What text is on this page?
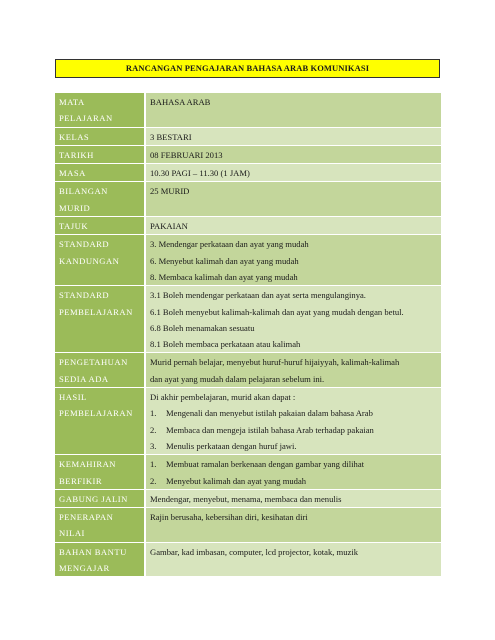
RANCANGAN PENGAJARAN BAHASA ARAB KOMUNIKASI
MATA
PELAJARAN	BAHASA ARAB

KELAS	3 BESTARI

TARIKH	08 FEBRUARI 2013

MASA	10.30 PAGI – 11.30 (1 JAM)

BILANGAN
MURID	25 MURID

TAJUK	PAKAIAN

STANDARD
KANDUNGAN	3. Mendengar perkataan dan ayat yang mudah
6. Menyebut kalimah dan ayat yang mudah
8. Membaca kalimah dan ayat yang mudah

STANDARD
PEMBELAJARAN	3.1 Boleh mendengar perkataan dan ayat serta mengulanginya.
6.1 Boleh menyebut kalimah-kalimah dan ayat yang mudah dengan betul.
6.8 Boleh menamakan sesuatu
8.1 Boleh membaca perkataan atau kalimah

PENGETAHUAN
SEDIA ADA	Murid pernah belajar, menyebut huruf-huruf hijaiyyah, kalimah-kalimah
dan ayat yang mudah dalam pelajaran sebelum ini.

HASIL
PEMBELAJARAN	Di akhir pembelajaran, murid akan dapat :
1. Mengenali dan menyebut istilah pakaian dalam bahasa Arab
2. Membaca dan mengeja istilah bahasa Arab terhadap pakaian
3. Menulis perkataan dengan huruf jawi.

KEMAHIRAN
BERFIKIR	1. Membuat ramalan berkenaan dengan gambar yang dilihat
2. Menyebut kalimah dan ayat yang mudah

GABUNG JALIN	Mendengar, menyebut, menama, membaca dan menulis

PENERAPAN
NILAI	Rajin berusaha, kebersihan diri, kesihatan diri

BAHAN BANTU
MENGAJAR	Gambar, kad imbasan, computer, lcd projector, kotak, muzik
